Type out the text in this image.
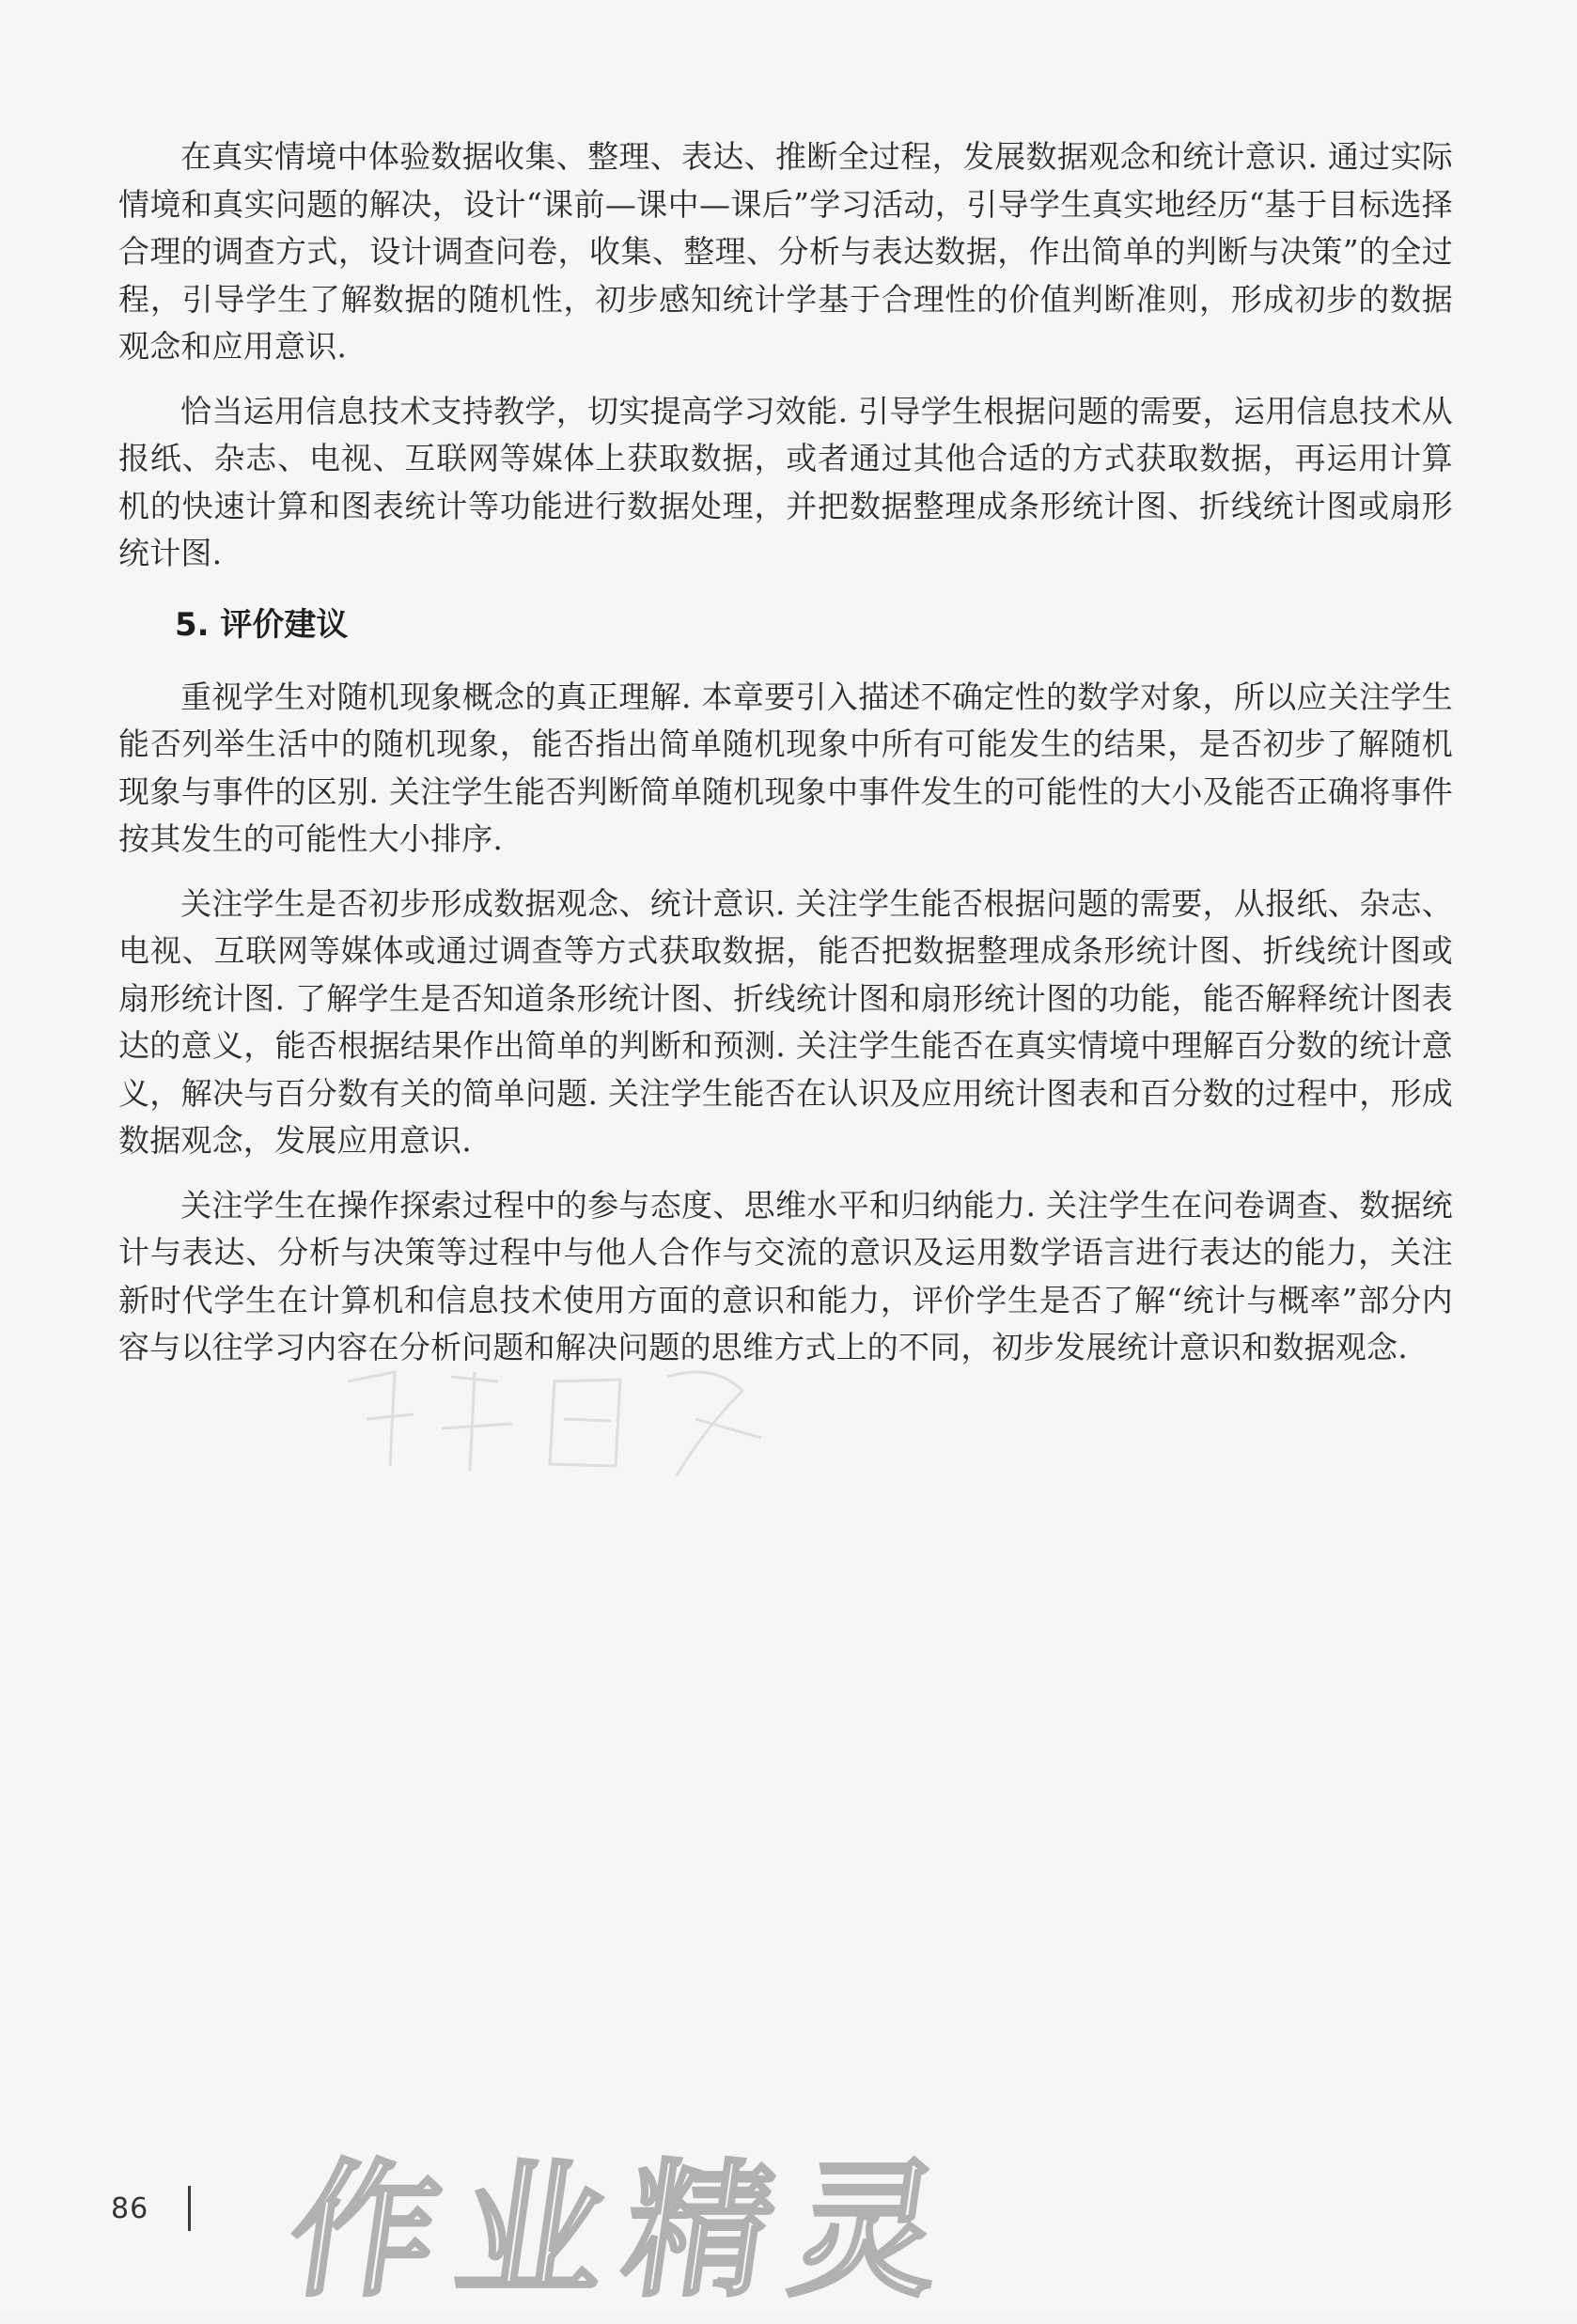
在真实情境中体验数据收集、整理、表达、推断全过程，发展数据观念和统计意识. 通过实际情境和真实问题的解决，设计“课前—课中—课后”学习活动，引导学生真实地经历“基于目标选择合理的调查方式，设计调查问卷，收集、整理、分析与表达数据，作出简单的判断与决策”的全过程，引导学生了解数据的随机性，初步感知统计学基于合理性的价值判断准则，形成初步的数据观念和应用意识.

恰当运用信息技术支持教学，切实提高学习效能. 引导学生根据问题的需要，运用信息技术从报纸、杂志、电视、互联网等媒体上获取数据，或者通过其他合适的方式获取数据，再运用计算机的快速计算和图表统计等功能进行数据处理，并把数据整理成条形统计图、折线统计图或扇形统计图.

5. 评价建议

重视学生对随机现象概念的真正理解. 本章要引入描述不确定性的数学对象，所以应关注学生能否列举生活中的随机现象，能否指出简单随机现象中所有可能发生的结果，是否初步了解随机现象与事件的区别. 关注学生能否判断简单随机现象中事件发生的可能性的大小及能否正确将事件按其发生的可能性大小排序.

关注学生是否初步形成数据观念、统计意识. 关注学生能否根据问题的需要，从报纸、杂志、电视、互联网等媒体或通过调查等方式获取数据，能否把数据整理成条形统计图、折线统计图或扇形统计图. 了解学生是否知道条形统计图、折线统计图和扇形统计图的功能，能否解释统计图表达的意义，能否根据结果作出简单的判断和预测. 关注学生能否在真实情境中理解百分数的统计意义，解决与百分数有关的简单问题. 关注学生能否在认识及应用统计图表和百分数的过程中，形成数据观念，发展应用意识.

关注学生在操作探索过程中的参与态度、思维水平和归纳能力. 关注学生在问卷调查、数据统计与表达、分析与决策等过程中与他人合作与交流的意识及运用数学语言进行表达的能力，关注新时代学生在计算机和信息技术使用方面的意识和能力，评价学生是否了解“统计与概率”部分内容与以往学习内容在分析问题和解决问题的思维方式上的不同，初步发展统计意识和数据观念.

86 作业精灵
